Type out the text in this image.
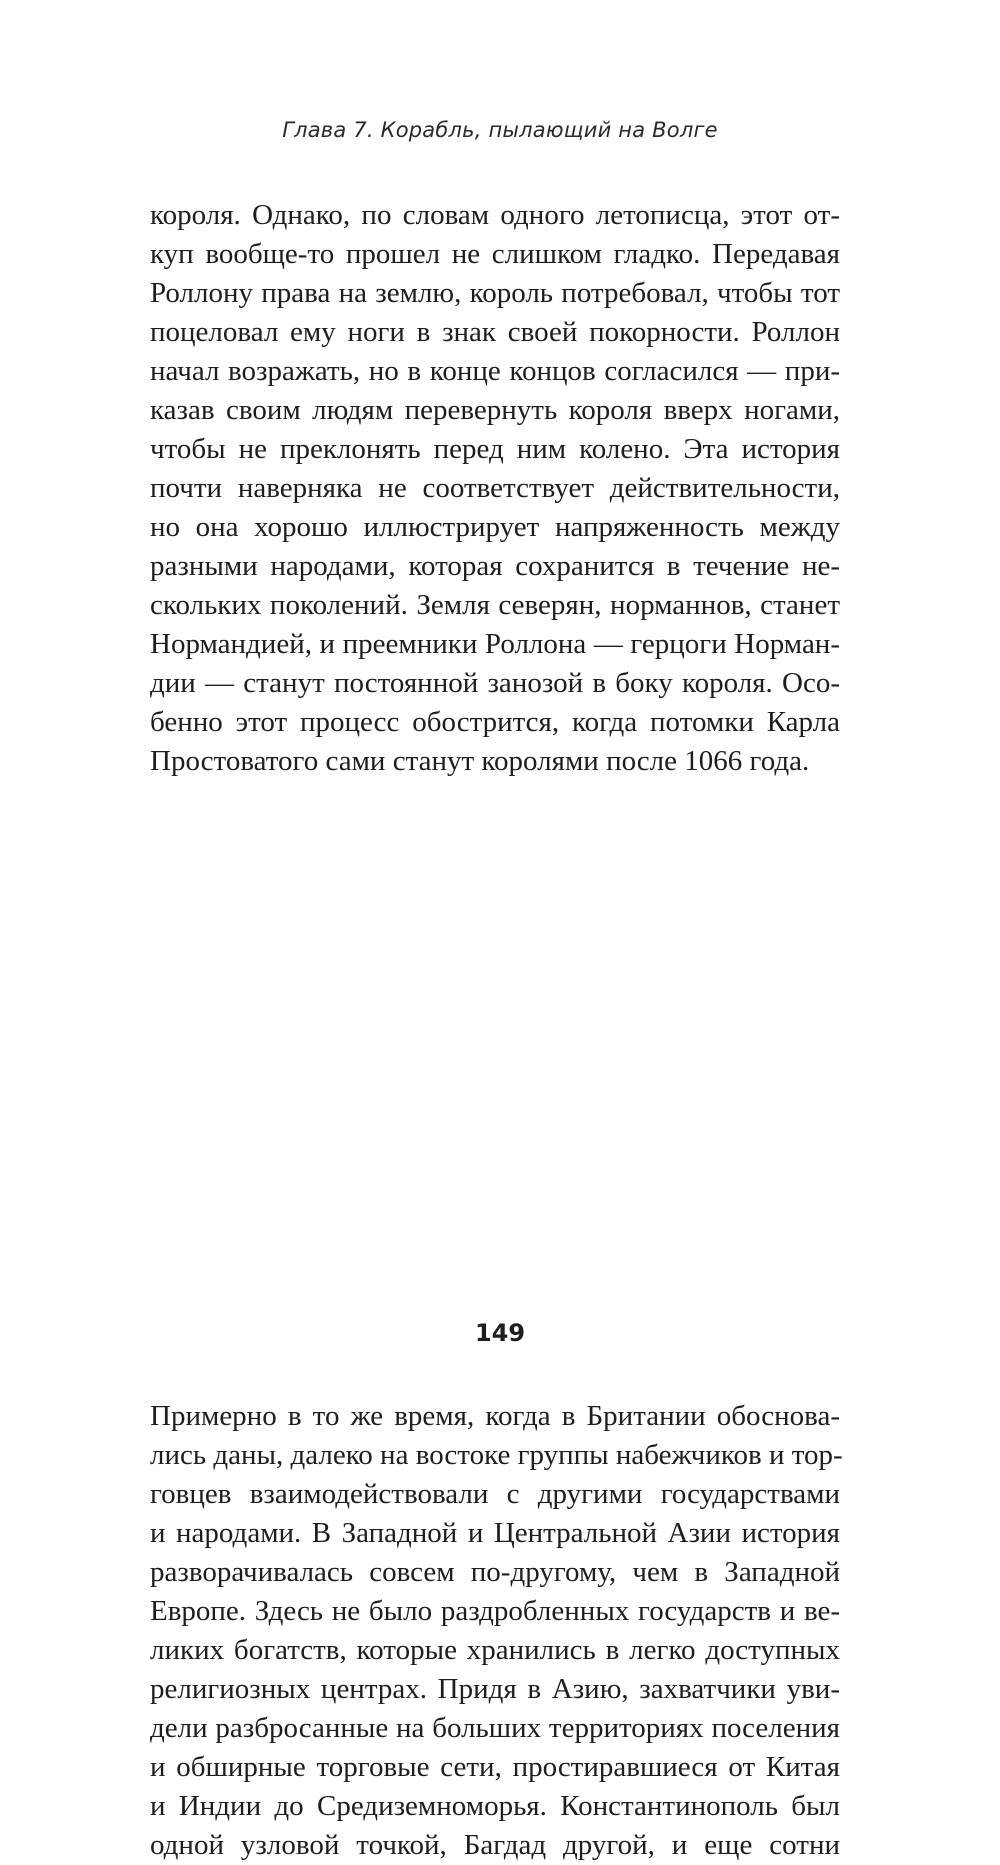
Глава 7. Корабль, пылающий на Волге
короля. Однако, по словам одного летописца, этот от-
куп вообще-то прошел не слишком гладко. Передавая
Роллону права на землю, король потребовал, чтобы тот
поцеловал ему ноги в знак своей покорности. Роллон
начал возражать, но в конце концов согласился — при-
казав своим людям перевернуть короля вверх ногами,
чтобы не преклонять перед ним колено. Эта история
почти наверняка не соответствует действительности,
но она хорошо иллюстрирует напряженность между
разными народами, которая сохранится в течение не-
скольких поколений. Земля северян, норманнов, станет
Нормандией, и преемники Роллона — герцоги Норман-
дии — станут постоянной занозой в боку короля. Осо-
бенно этот процесс обострится, когда потомки Карла
Простоватого сами станут королями после 1066 года.
Примерно в то же время, когда в Британии обоснова-
лись даны, далеко на востоке группы набежчиков и тор-
говцев взаимодействовали с другими государствами
и народами. В Западной и Центральной Азии история
разворачивалась совсем по-другому, чем в Западной
Европе. Здесь не было раздробленных государств и ве-
ликих богатств, которые хранились в легко доступных
религиозных центрах. Придя в Азию, захватчики уви-
дели разбросанные на больших территориях поселения
и обширные торговые сети, простиравшиеся от Китая
и Индии до Средиземноморья. Константинополь был
одной узловой точкой, Багдад другой, и еще сотни
149
